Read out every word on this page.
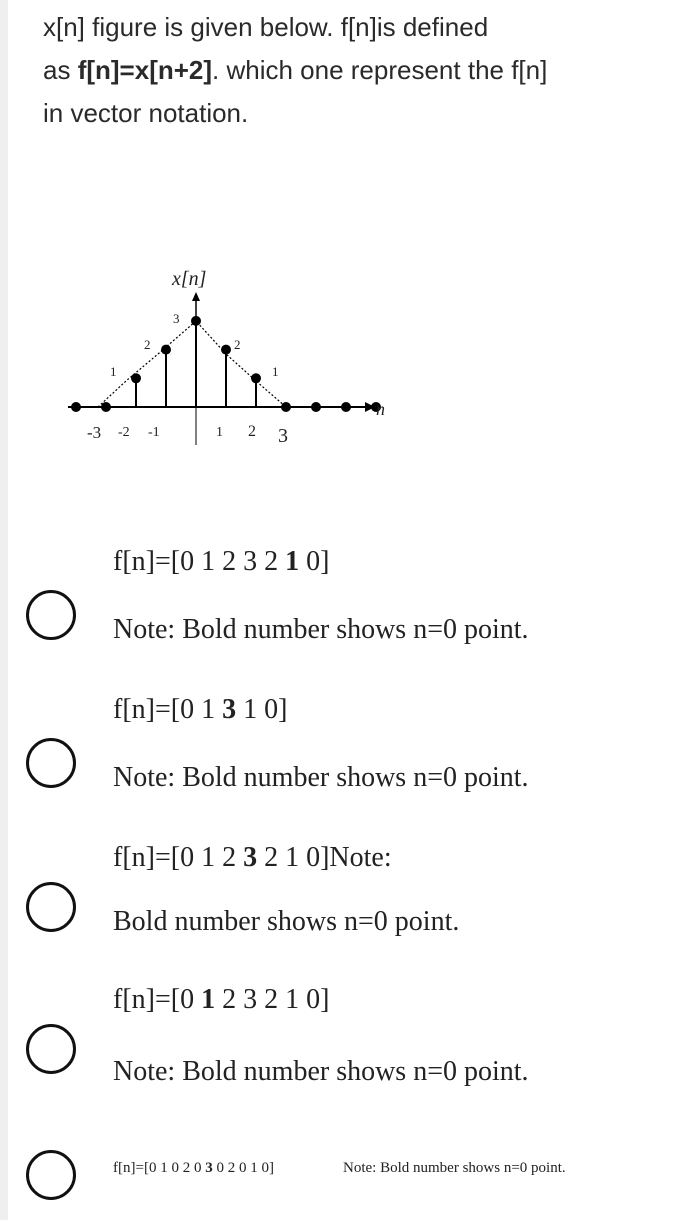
x[n] figure is given below. f[n]is defined
as f[n]=x[n+2]. which one represent the f[n]
in vector notation.
x[n]
n
-3 -2 -1	1 2 3
1
2
3
2
1
f[n]=[0 1 2 3 2 1 0]
Note: Bold number shows n=0 point.
f[n]=[0 1 3 1 0]
Note: Bold number shows n=0 point.
f[n]=[0 1 2 3 2 1 0]Note:
Bold number shows n=0 point.
f[n]=[0 1 2 3 2 1 0]
Note: Bold number shows n=0 point.
f[n]=[0 1 0 2 0 3 0 2 0 1 0]	Note: Bold number shows n=0 point.
